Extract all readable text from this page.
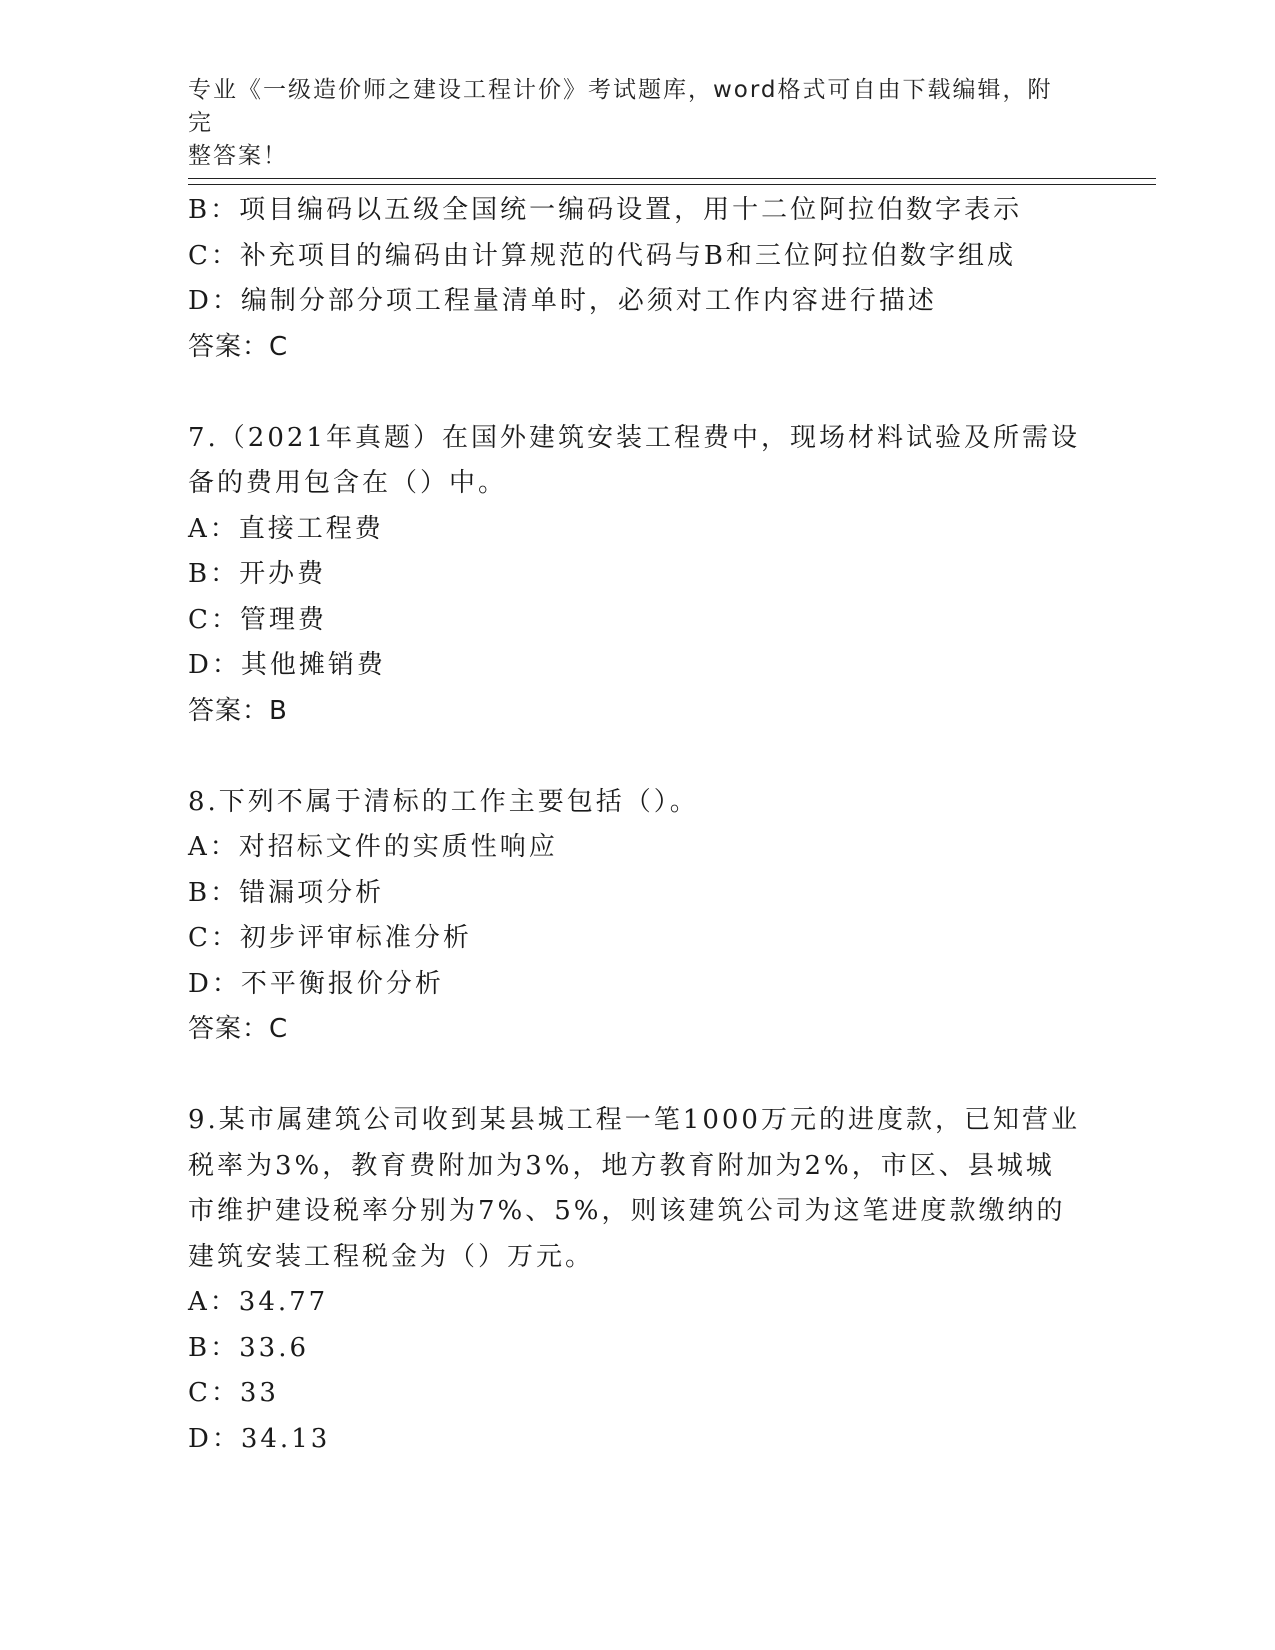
专业《一级造价师之建设工程计价》考试题库，word格式可自由下载编辑，附完
整答案！
B：项目编码以五级全国统一编码设置，用十二位阿拉伯数字表示
C：补充项目的编码由计算规范的代码与B和三位阿拉伯数字组成
D：编制分部分项工程量清单时，必须对工作内容进行描述
答案：C
7.（2021年真题）在国外建筑安装工程费中，现场材料试验及所需设
备的费用包含在（）中。
A：直接工程费
B：开办费
C：管理费
D：其他摊销费
答案：B
8.下列不属于清标的工作主要包括（）。
A：对招标文件的实质性响应
B：错漏项分析
C：初步评审标准分析
D：不平衡报价分析
答案：C
9.某市属建筑公司收到某县城工程一笔1000万元的进度款，已知营业
税率为3%，教育费附加为3%，地方教育附加为2%，市区、县城城
市维护建设税率分别为7%、5%，则该建筑公司为这笔进度款缴纳的
建筑安装工程税金为（）万元。
A：34.77
B：33.6
C：33
D：34.13
